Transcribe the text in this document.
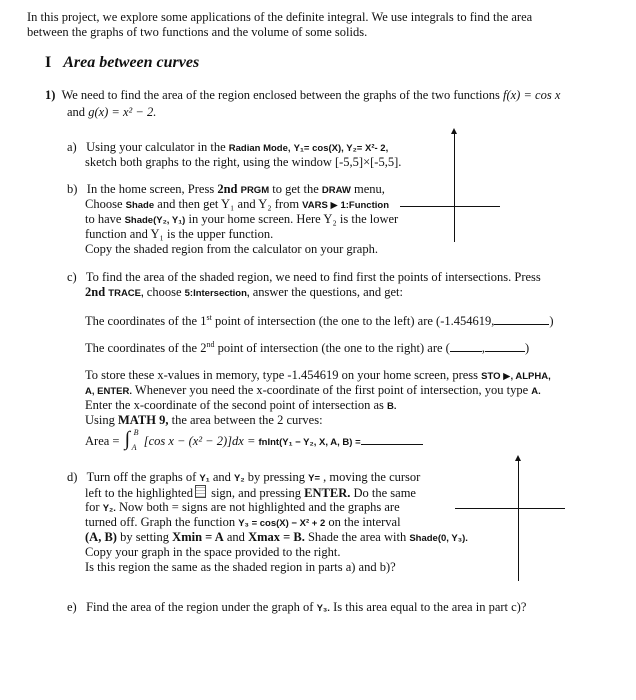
In this project, we explore some applications of the definite integral. We use integrals to find the area
between the graphs of two functions and the volume of some solids.
I Area between curves
1) We need to find the area of the region enclosed between the graphs of the two functions f(x) = cos x
and g(x) = x² − 2.
a) Using your calculator in the Radian Mode, Y₁= cos(X), Y₂= X²- 2,
sketch both graphs to the right, using the window [-5,5]×[-5,5].
b) In the home screen, Press 2nd PRGM to get the DRAW menu,
Choose Shade and then get Y₁ and Y₂ from VARS ▶ 1:Function
to have Shade(Y₂, Y₁) in your home screen. Here Y₂ is the lower
function and Y₁ is the upper function.
Copy the shaded region from the calculator on your graph.
c) To find the area of the shaded region, we need to find first the points of intersections. Press
2nd TRACE, choose 5:Intersection, answer the questions, and get:
The coordinates of the 1st point of intersection (the one to the left) are (-1.454619,	)
The coordinates of the 2nd point of intersection (the one to the right) are (	,	)
To store these x-values in memory, type -1.454619 on your home screen, press STO ▶, ALPHA,
A, ENTER. Whenever you need the x-coordinate of the first point of intersection, you type A.
Enter the x-coordinate of the second point of intersection as B.
Using MATH 9, the area between the 2 curves:
Area = ∫ B
A [cos x − (x² − 2)]dx = $_{fnInt(Y_1 - Y_2, X, A, B) =}$
d) Turn off the graphs of Y₁ and Y₂ by pressing Y= , moving the cursor
left to the highlighted sign, and pressing ENTER. Do the same
for Y₂. Now both = signs are not highlighted and the graphs are
turned off. Graph the function Y₃ = cos(X) − X² + 2 on the interval
(A, B) by setting Xmin = A and Xmax = B. Shade the area with Shade(0, Y₃).
Copy your graph in the space provided to the right.
Is this region the same as the shaded region in parts a) and b)?
e) Find the area of the region under the graph of Y₃. Is this area equal to the area in part c)?
